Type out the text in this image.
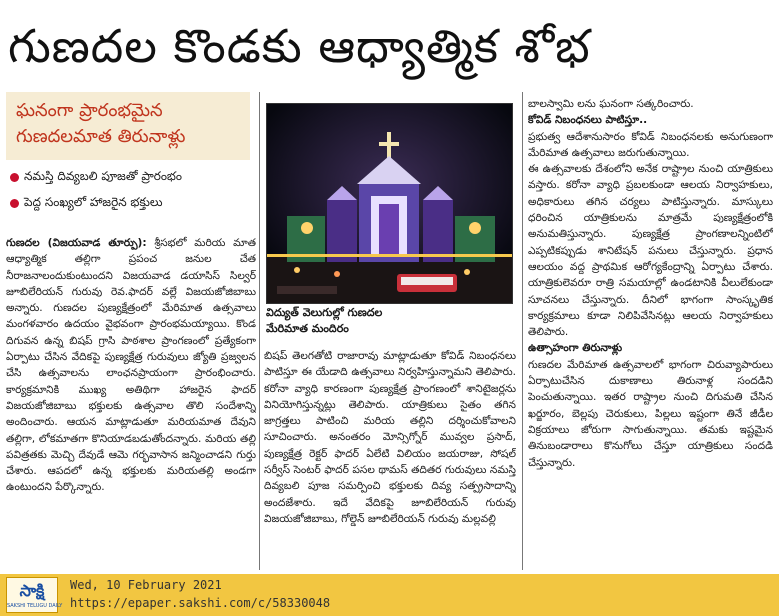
గుణదల కొండకు ఆధ్యాత్మిక శోభ
ఘనంగా ప్రారంభమైన
గుణదలమాత తిరునాళ్లు
నమస్తి దివ్యబలి పూజతో ప్రారంభం
పెద్ద సంఖ్యలో హాజరైన భక్తులు

గుణదల (విజయవాడ తూర్పు): శ్రీసభలో మరియ మాత ఆధ్యాత్మిక తల్లిగా ప్రపంచ జనుల చేత నీరాజనాలందుకుంటుందని విజయవాడ డయాసిస్ సిల్వర్ జూబిలేరియన్ గురువు రెవ.ఫాదర్ వల్లే విజయజోజిబాబు అన్నారు. గుణదల పుణ్యక్షేత్రంలో మేరిమాత ఉత్సవాలు మంగళవారం ఉదయం వైభవంగా ప్రారంభమయ్యాయి. కొండ దిగువన ఉన్న బిషప్ గ్రాసి పాఠశాల ప్రాంగణంలో ప్రత్యేకంగా ఏర్పాటు చేసిన వేదికపై పుణ్యక్షేత్ర గురువులు జ్యోతి ప్రజ్వలన చేసి ఉత్సవాలను లాంఛనప్రాయంగా ప్రారంభించారు. కార్యక్రమానికి ముఖ్య అతిథిగా హాజరైన ఫాదర్ విజయజోజిబాబు భక్తులకు ఉత్సవాల తొలి సందేశాన్ని అందించారు. ఆయన మాట్లాడుతూ మరియమాత దేవుని తల్లిగా, లోకమాతగా కొనియాడబడుతోందన్నారు. మరియ తల్లి పవిత్రతకు మెచ్చి దేవుడే ఆమె గర్భవాసాన జన్మించాడని గుర్తు చేశారు. ఆపదలో ఉన్న భక్తులకు మరియతల్లి అండగా ఉంటుందని పేర్కొన్నారు.

విద్యుత్ వెలుగుల్లో గుణదల
మేరిమాత మందిరం

బిషప్ తెలగతోటి రాజారావు మాట్లాడుతూ కోవిడ్ నిబంధనలు పాటిస్తూ ఈ యేడాది ఉత్సవాలు నిర్వహిస్తున్నామని తెలిపారు. కరోనా వ్యాధి కారణంగా పుణ్యక్షేత్ర ప్రాంగణంలో శానిటైజర్లను వినియోగిస్తున్నట్లు తెలిపారు. యాత్రికులు సైతం తగిన జాగ్రత్తలు పాటించి మరియ తల్లిని దర్శించుకోవాలని సూచించారు. అనంతరం మోన్సిగ్నోర్ మువ్వల ప్రసాద్, పుణ్యక్షేత్ర రెక్టర్ ఫాదర్ ఏలేటి విలియం జయరాజు, సోషల్ సర్వీస్ సెంటర్ ఫాదర్ పసల థామస్ తదితర గురువులు నమస్తి దివ్యబలి పూజ సమర్పించి భక్తులకు దివ్య సత్ప్రసాదాన్ని అందజేశారు. ఇదే వేదికపై జూబిలేరియన్ గురువు విజయజోజిబాబు, గోల్డెన్ జూబిలేరియన్ గురువు మల్లవల్లి

బాలస్వామి లను ఘనంగా సత్కరించారు.

కోవిడ్ నిబంధనలు పాటిస్తూ..

ప్రభుత్వ ఆదేశానుసారం కోవిడ్ నిబంధనలకు అనుగుణంగా మేరిమాత ఉత్సవాలు జరుగుతున్నాయి.

ఈ ఉత్సవాలకు దేశంలోని అనేక రాష్ట్రాల నుంచి యాత్రికులు వస్తారు. కరోనా వ్యాధి ప్రబలకుండా ఆలయ నిర్వాహకులు, అధికారులు తగిన చర్యలు పాటిస్తున్నారు. మాస్కులు ధరించిన యాత్రికులను మాత్రమే పుణ్యక్షేత్రంలోకి అనుమతిస్తున్నారు. పుణ్యక్షేత్ర ప్రాంగణాలన్నింటిలో ఎప్పటికప్పుడు శానిటేషన్ పనులు చేస్తున్నారు. ప్రధాన ఆలయం వద్ద ప్రాథమిక ఆరోగ్యకేంద్రాన్ని ఏర్పాటు చేశారు. యాత్రికులెవరూ రాత్రి సమయాల్లో ఉండటానికి వీలులేకుండా సూచనలు చేస్తున్నారు. దీనిలో భాగంగా సాంస్కృతిక కార్యక్రమాలు కూడా నిలిపివేసినట్లు ఆలయ నిర్వాహకులు తెలిపారు.

ఉత్సాహంగా తిరునాళ్లు

గుణదల మేరిమాత ఉత్సవాలలో భాగంగా చిరువ్యాపారులు ఏర్పాటుచేసిన దుకాణాలు తిరునాళ్ల సందడిని పెంచుతున్నాయి. ఇతర రాష్ట్రాల నుంచి దిగుమతి చేసిన ఖర్జూరం, బెల్లపు చెరుకులు, పిల్లలు ఇష్టంగా తినే జీడీల విక్రయాలు జోరుగా సాగుతున్నాయి. తమకు ఇష్టమైన తినుబండారాలు కొనుగోలు చేస్తూ యాత్రికులు సందడి చేస్తున్నారు.

సాక్షి
SAKSHI TELUGU DAILY
Wed, 10 February 2021
https://epaper.sakshi.com/c/58330048
